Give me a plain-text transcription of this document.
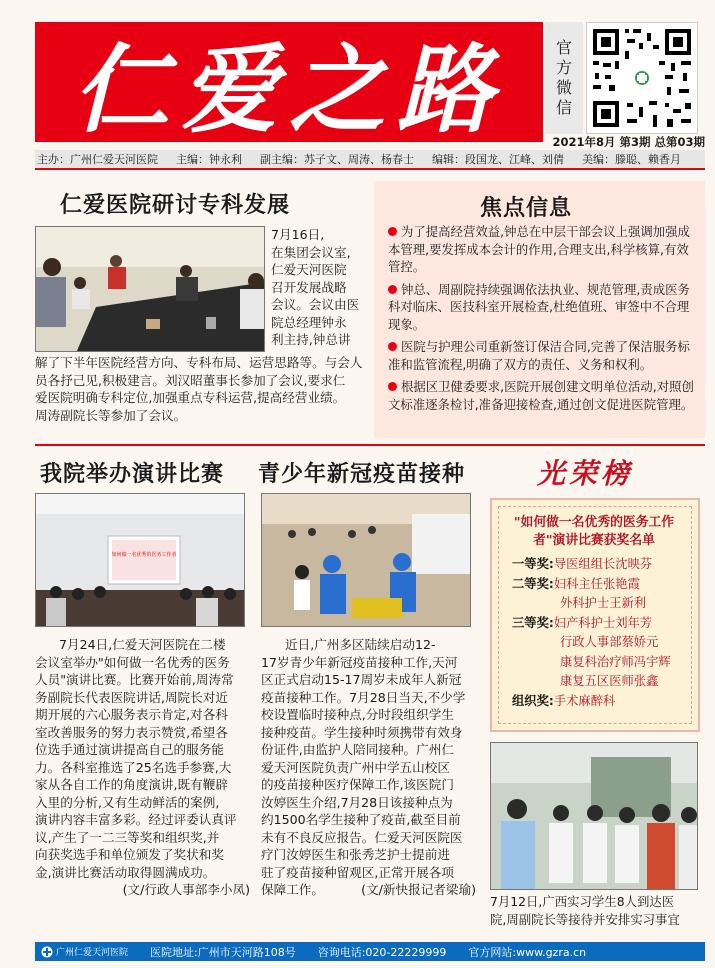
仁爱之路	官
方
微
信
2021年8月 第3期 总第03期
主办：广州仁爱天河医院 主编：钟永利 副主编：苏子文、周涛、杨春士 编辑：段国龙、江峰、刘倩 美编：滕聪、赖香月
仁爱医院研讨专科发展
7月16日,
在集团会议室,
仁爱天河医院
召开发展战略
会议。会议由医
院总经理钟永
利主持,钟总讲
解了下半年医院经营方向、专科布局、运营思路等。与会人
员各抒己见,积极建言。刘汉昭董事长参加了会议,要求仁
爱医院明确专科定位,加强重点专科运营,提高经营业绩。
周涛副院长等参加了会议。
焦点信息
为了提高经营效益,钟总在中层干部会议上强调加强成本管理,要发挥成本会计的作用,合理支出,科学核算,有效管控。
钟总、周副院持续强调依法执业、规范管理,责成医务科对临床、医技科室开展检查,杜绝值班、审签中不合理现象。
医院与护理公司重新签订保洁合同,完善了保洁服务标准和监管流程,明确了双方的责任、义务和权利。
根据区卫健委要求,医院开展创建文明单位活动,对照创文标准逐条检讨,准备迎接检查,通过创文促进医院管理。
我院举办演讲比赛
如何做一名优秀的医务工作者
7月24日,仁爱天河医院在二楼
会议室举办"如何做一名优秀的医务
人员"演讲比赛。比赛开始前,周涛常
务副院长代表医院讲话,周院长对近
期开展的六心服务表示肯定,对各科
室改善服务的努力表示赞赏,希望各
位选手通过演讲提高自己的服务能
力。各科室推选了25名选手参赛,大
家从各自工作的角度演讲,既有鞭辟
入里的分析,又有生动鲜活的案例,
演讲内容丰富多彩。经过评委认真评
议,产生了一二三等奖和组织奖,并
向获奖选手和单位颁发了奖状和奖
金,演讲比赛活动取得圆满成功。
(文/行政人事部李小凤)
青少年新冠疫苗接种
近日,广州多区陆续启动12-
17岁青少年新冠疫苗接种工作,天河
区正式启动15-17周岁未成年人新冠
疫苗接种工作。7月28日当天,不少学
校设置临时接种点,分时段组织学生
接种疫苗。学生接种时须携带有效身
份证件,由监护人陪同接种。广州仁
爱天河医院负责广州中学五山校区
的疫苗接种医疗保障工作,该医院门
汝婷医生介绍,7月28日该接种点为
约1500名学生接种了疫苗,截至目前
未有不良反应报告。仁爱天河医院医
疗门汝婷医生和张秀芝护士提前进
驻了疫苗接种留观区,正常开展各项
保障工作。	(文/新快报记者梁瑜)
光荣榜
"如何做一名优秀的医务工作者"演讲比赛获奖名单
一等奖:导医组组长沈映芬
二等奖:妇科主任张艳霞
外科护士王新利
三等奖:妇产科护士刘年芳
行政人事部蔡娇元
康复科治疗师冯宇辉
康复五区医师张鑫
组织奖:手术麻醉科
7月12日,广西实习学生8人到达医
院,周副院长等接待并安排实习事宜
广州仁爱天河医院 医院地址:广州市天河路108号 咨询电话:020-22229999 官方网站:www.gzra.cn
